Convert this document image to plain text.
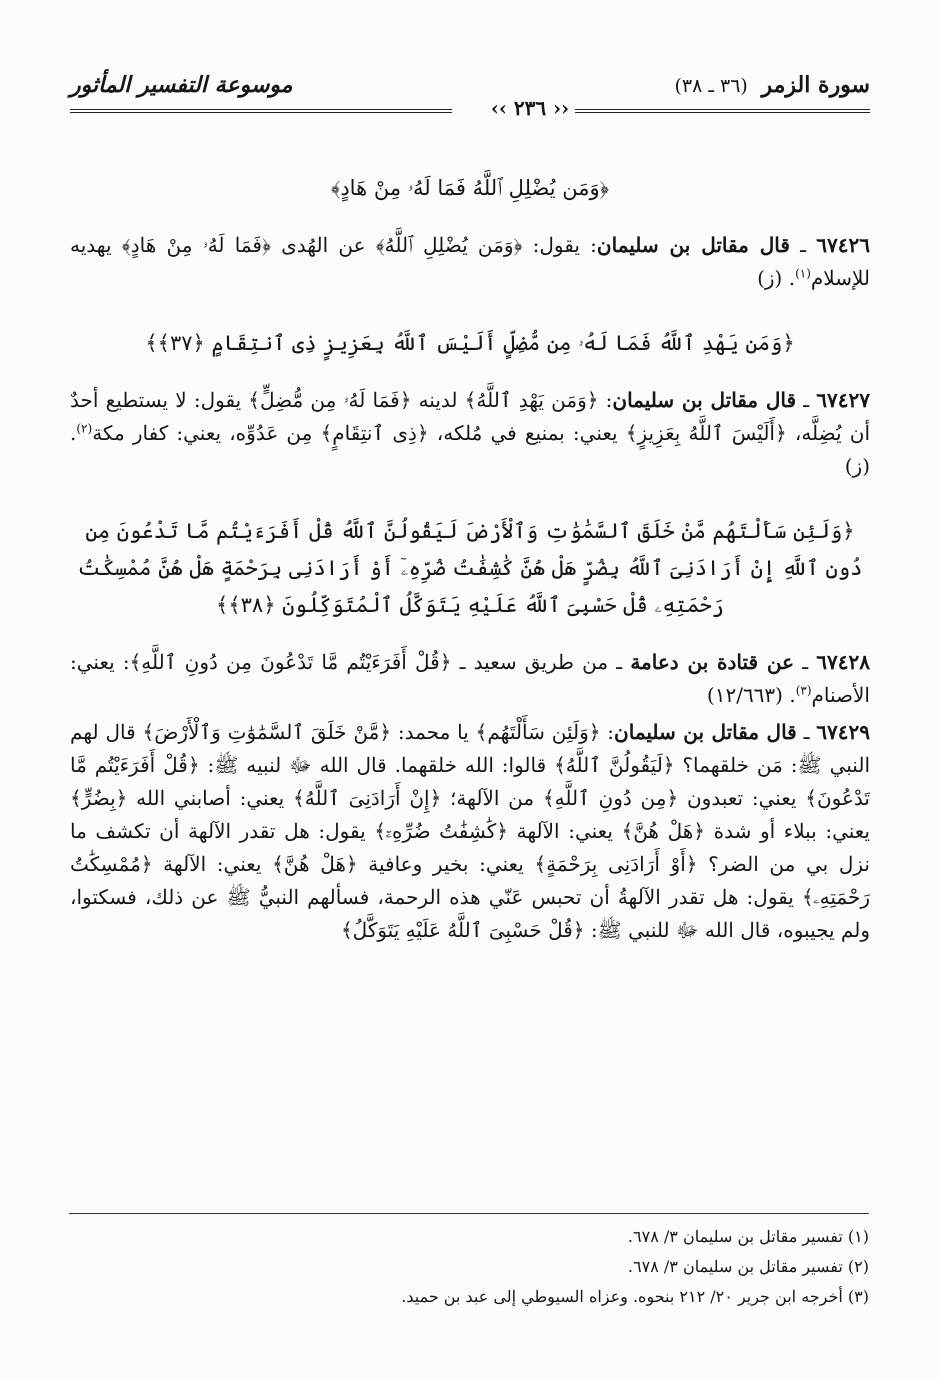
سورة الزمر (٣٦ ـ ٣٨)
موسوعة التفسير المأثور
‹‹ ٢٣٦ ››
﴿وَمَن يُضْلِلِ ٱللَّهُ فَمَا لَهُۥ مِنْ هَادٍ﴾

٦٧٤٢٦ ـ قال مقاتل بن سليمان: يقول: ﴿وَمَن يُضْلِلِ ٱللَّهُ﴾ عن الهُدى ﴿فَمَا لَهُۥ مِنْ هَادٍ﴾ يهديه للإسلام$^{(١)}$. (ز)

﴿وَمَن يَهْدِ ٱللَّهُ فَمَا لَهُۥ مِن مُّضِلٍّ أَلَيْسَ ٱللَّهُ بِعَزِيزٍ ذِى ٱنتِقَامٍ ﴿٣٧﴾﴾

٦٧٤٢٧ ـ قال مقاتل بن سليمان: ﴿وَمَن يَهْدِ ٱللَّهُ﴾ لدينه ﴿فَمَا لَهُۥ مِن مُّضِلٍّ﴾ يقول: لا يستطيع أحدٌ أن يُضِلَّه، ﴿أَلَيْسَ ٱللَّهُ بِعَزِيزٍ﴾ يعني: بمنيع في مُلكه، ﴿ذِى ٱنتِقَامٍ﴾ مِن عَدُوِّه، يعني: كفار مكة$^{(٢)}$. (ز)

﴿وَلَئِن سَأَلْتَهُم مَّنْ خَلَقَ ٱلسَّمَٰوَٰتِ وَٱلْأَرْضَ لَيَقُولُنَّ ٱللَّهُ قُلْ أَفَرَءَيْتُم مَّا تَدْعُونَ مِن دُونِ ٱللَّهِ إِنْ أَرَادَنِىَ ٱللَّهُ بِضُرٍّ هَلْ هُنَّ كَٰشِفَٰتُ ضُرِّهِۦٓ أَوْ أَرَادَنِى بِرَحْمَةٍ هَلْ هُنَّ مُمْسِكَٰتُ رَحْمَتِهِۦ قُلْ حَسْبِىَ ٱللَّهُ عَلَيْهِ يَتَوَكَّلُ ٱلْمُتَوَكِّلُونَ ﴿٣٨﴾﴾

٦٧٤٢٨ ـ عن قتادة بن دعامة ـ من طريق سعيد ـ ﴿قُلْ أَفَرَءَيْتُم مَّا تَدْعُونَ مِن دُونِ ٱللَّهِ﴾: يعني: الأصنام$^{(٣)}$. (١٢/٦٦٣)

٦٧٤٢٩ ـ قال مقاتل بن سليمان: ﴿وَلَئِن سَأَلْتَهُم﴾ يا محمد: ﴿مَّنْ خَلَقَ ٱلسَّمَٰوَٰتِ وَٱلْأَرْضَ﴾ قال لهم النبي ﷺ: مَن خلقهما؟ ﴿لَيَقُولُنَّ ٱللَّهُ﴾ قالوا: الله خلقهما. قال الله ﷻ لنبيه ﷺ: ﴿قُلْ أَفَرَءَيْتُم مَّا تَدْعُونَ﴾ يعني: تعبدون ﴿مِن دُونِ ٱللَّهِ﴾ من الآلهة؛ ﴿إِنْ أَرَادَنِىَ ٱللَّهُ﴾ يعني: أصابني الله ﴿بِضُرٍّ﴾ يعني: ببلاء أو شدة ﴿هَلْ هُنَّ﴾ يعني: الآلهة ﴿كَٰشِفَٰتُ ضُرِّهِۦٓ﴾ يقول: هل تقدر الآلهة أن تكشف ما نزل بي من الضر؟ ﴿أَوْ أَرَادَنِى بِرَحْمَةٍ﴾ يعني: بخير وعافية ﴿هَلْ هُنَّ﴾ يعني: الآلهة ﴿مُمْسِكَٰتُ رَحْمَتِهِۦ﴾ يقول: هل تقدر الآلهةُ أن تحبس عَنّي هذه الرحمة، فسألهم النبيُّ ﷺ عن ذلك، فسكتوا، ولم يجيبوه، قال الله ﷻ للنبي ﷺ: ﴿قُلْ حَسْبِىَ ٱللَّهُ عَلَيْهِ يَتَوَكَّلُ﴾

(١) تفسير مقاتل بن سليمان ٣/ ٦٧٨.

(٢) تفسير مقاتل بن سليمان ٣/ ٦٧٨.

(٣) أخرجه ابن جرير ٢٠/ ٢١٢ بنحوه. وعزاه السيوطي إلى عبد بن حميد.
